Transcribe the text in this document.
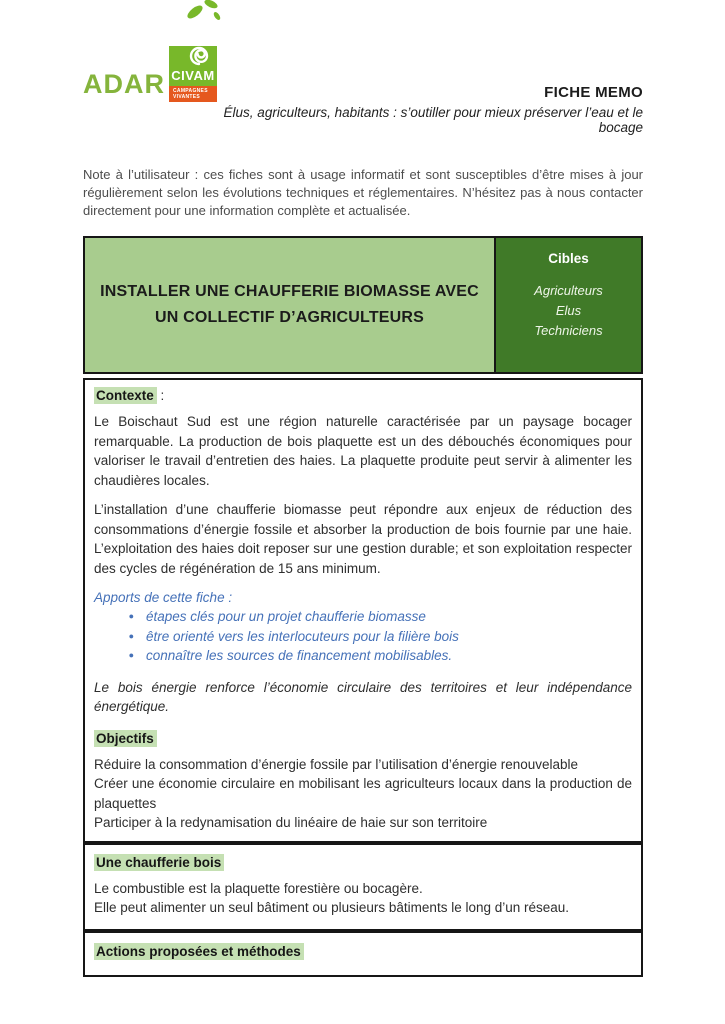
ADAR CIVAM
CAMPAGNES
VIVANTES	FICHE MEMO
Élus, agriculteurs, habitants : s’outiller pour mieux préserver l’eau et le bocage

Note à l’utilisateur : ces fiches sont à usage informatif et sont susceptibles d’être mises à jour régulièrement selon les évolutions techniques et réglementaires. N’hésitez pas à nous contacter directement pour une information complète et actualisée.

INSTALLER UNE CHAUFFERIE BIOMASSE AVEC UN COLLECTIF D’AGRICULTEURS
Cibles
Agriculteurs
Elus
Techniciens
Contexte :

Le Boischaut Sud est une région naturelle caractérisée par un paysage bocager remarquable. La production de bois plaquette est un des débouchés économiques pour valoriser le travail d’entretien des haies. La plaquette produite peut servir à alimenter les chaudières locales.

L’installation d’une chaufferie biomasse peut répondre aux enjeux de réduction des consommations d’énergie fossile et absorber la production de bois fournie par une haie. L’exploitation des haies doit reposer sur une gestion durable; et son exploitation respecter des cycles de régénération de 15 ans minimum.

Apports de cette fiche :
● étapes clés pour un projet chaufferie biomasse
● être orienté vers les interlocuteurs pour la filière bois
● connaître les sources de financement mobilisables.

Le bois énergie renforce l’économie circulaire des territoires et leur indépendance énergétique.

Objectifs
Réduire la consommation d’énergie fossile par l’utilisation d’énergie renouvelable
Créer une économie circulaire en mobilisant les agriculteurs locaux dans la production de plaquettes
Participer à la redynamisation du linéaire de haie sur son territoire
Une chaufferie bois
Le combustible est la plaquette forestière ou bocagère.
Elle peut alimenter un seul bâtiment ou plusieurs bâtiments le long d’un réseau.
Actions proposées et méthodes
